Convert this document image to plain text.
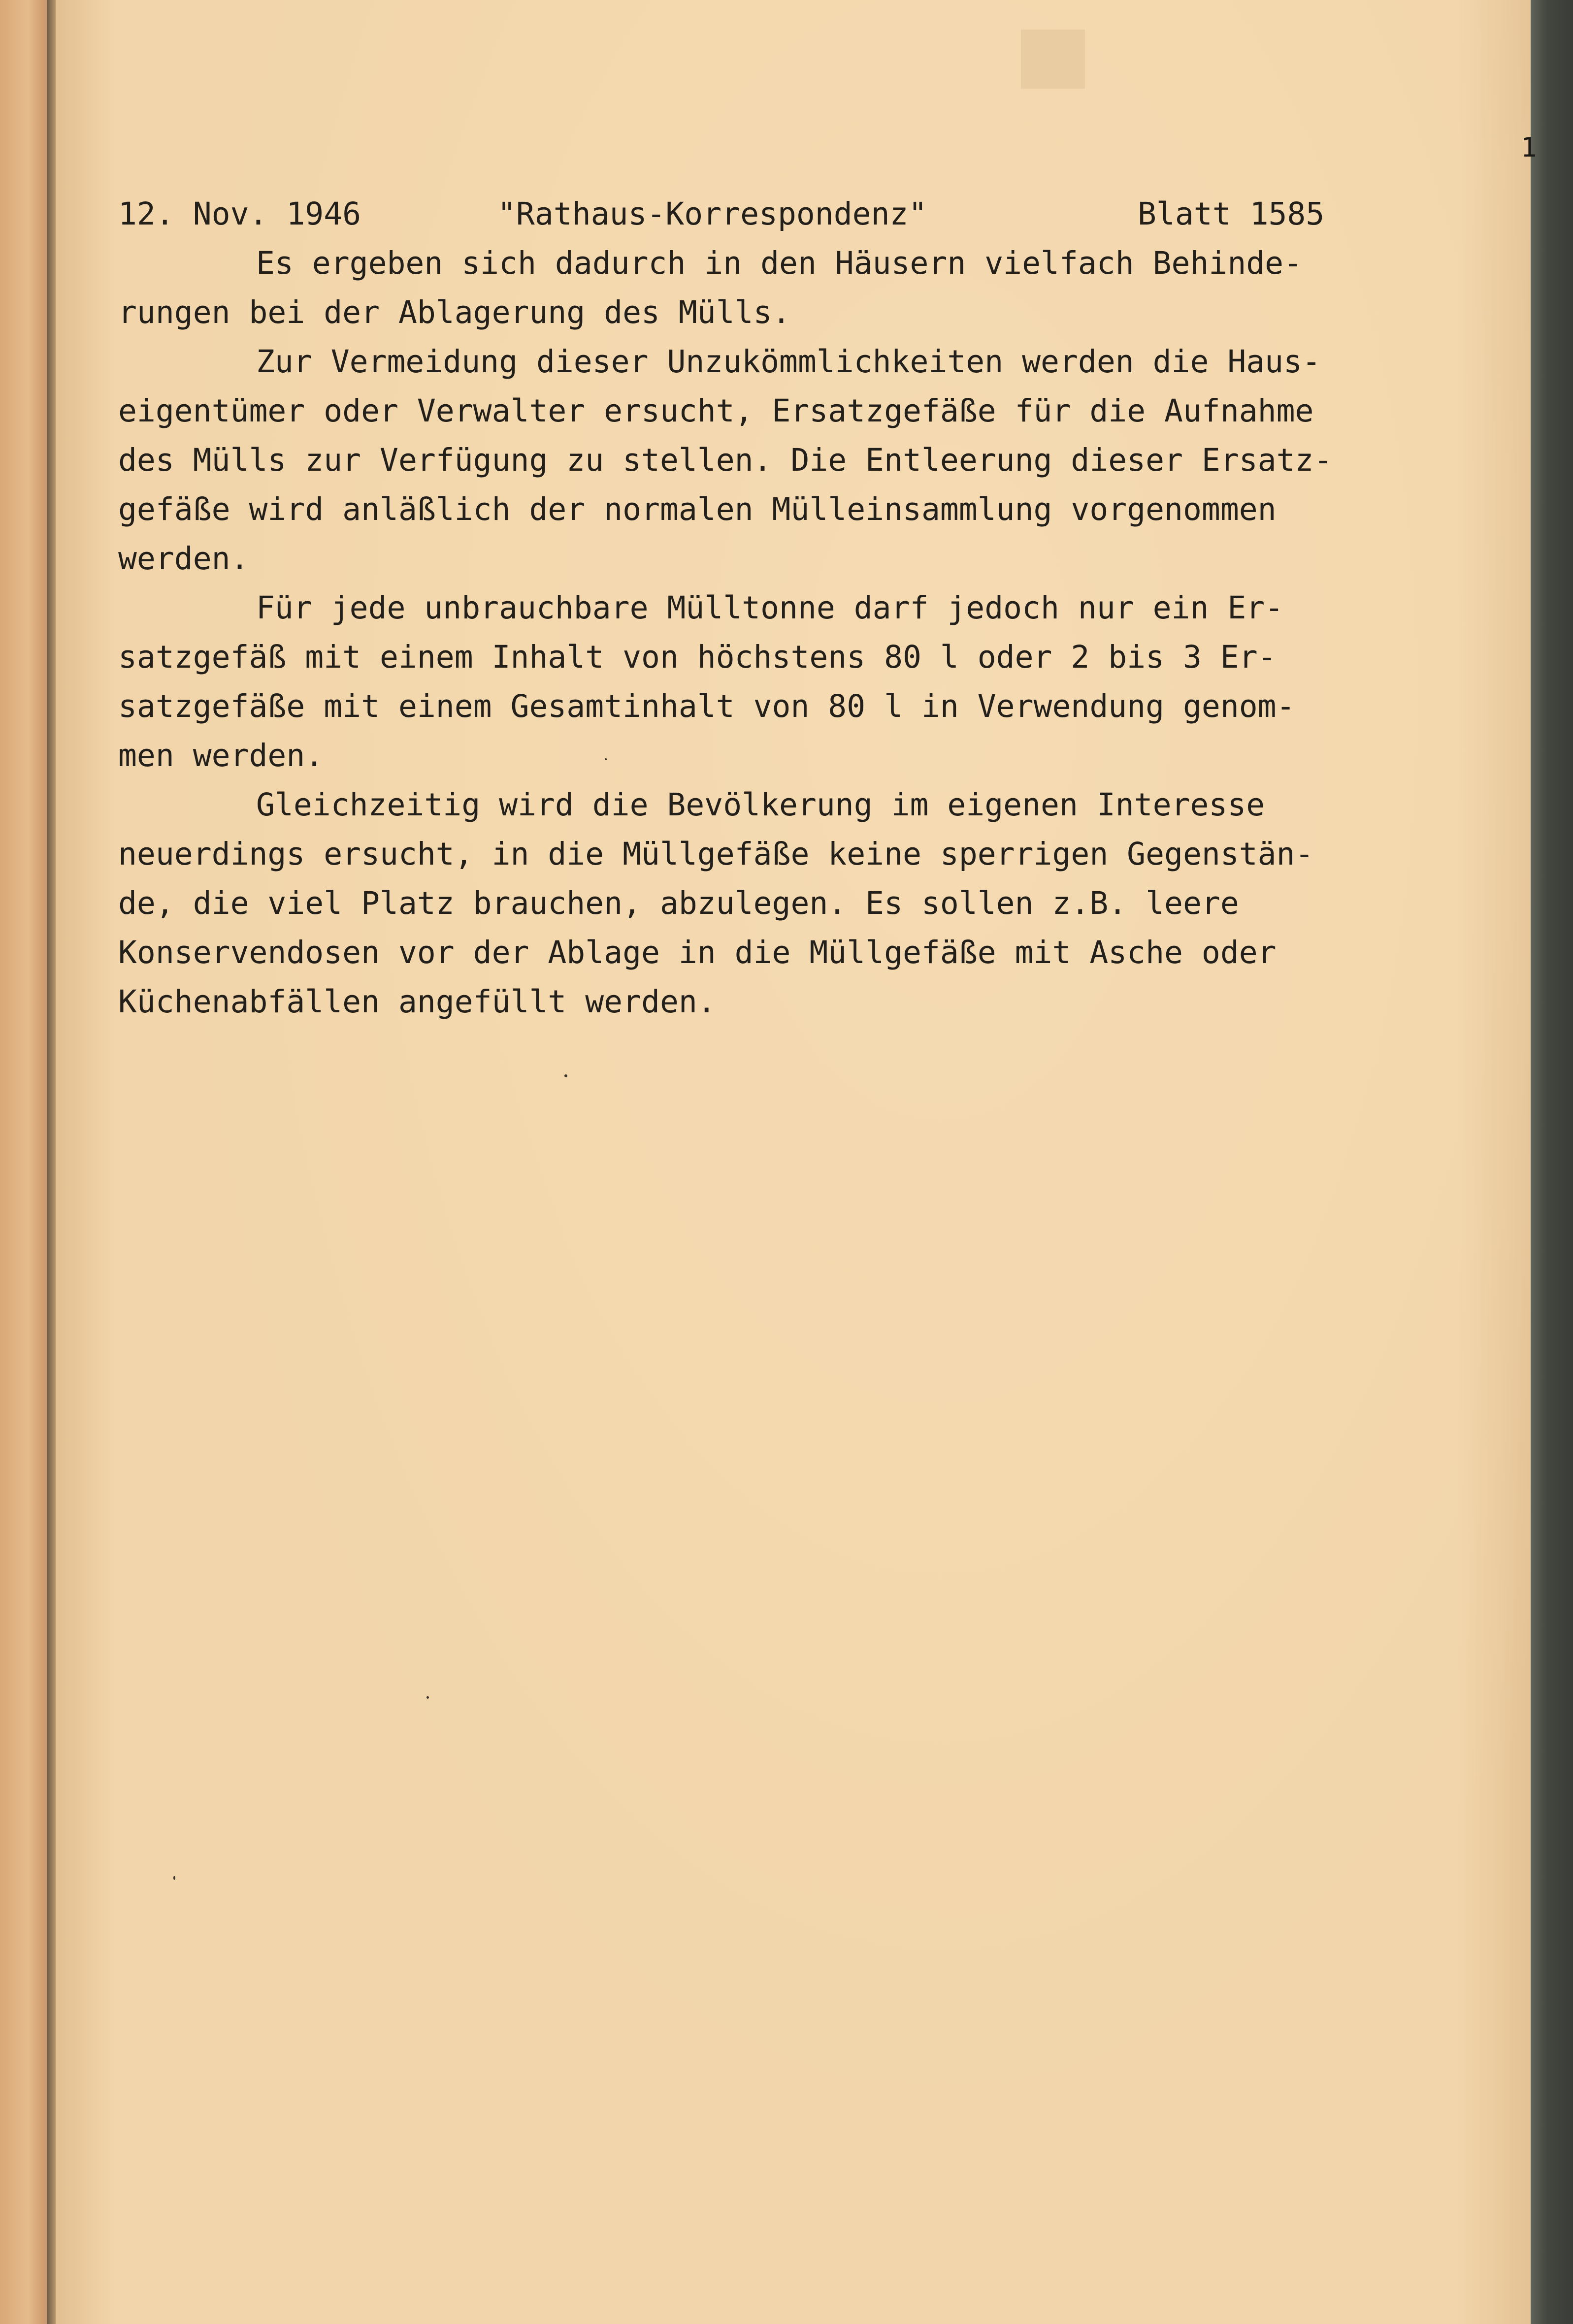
1

12. Nov. 1946

	"Rathaus-Korrespondenz"

	Blatt 1585

Es ergeben sich dadurch in den Häusern vielfach Behinde-
rungen bei der Ablagerung des Mülls.
Zur Vermeidung dieser Unzukömmlichkeiten werden die Haus-
eigentümer oder Verwalter ersucht, Ersatzgefäße für die Aufnahme
des Mülls zur Verfügung zu stellen. Die Entleerung dieser Ersatz-
gefäße wird anläßlich der normalen Mülleinsammlung vorgenommen
werden.
Für jede unbrauchbare Mülltonne darf jedoch nur ein Er-
satzgefäß mit einem Inhalt von höchstens 80 l oder 2 bis 3 Er-
satzgefäße mit einem Gesamtinhalt von 80 l in Verwendung genom-
men werden.
Gleichzeitig wird die Bevölkerung im eigenen Interesse
neuerdings ersucht, in die Müllgefäße keine sperrigen Gegenstän-
de, die viel Platz brauchen, abzulegen. Es sollen z.B. leere
Konservendosen vor der Ablage in die Müllgefäße mit Asche oder
Küchenabfällen angefüllt werden.
